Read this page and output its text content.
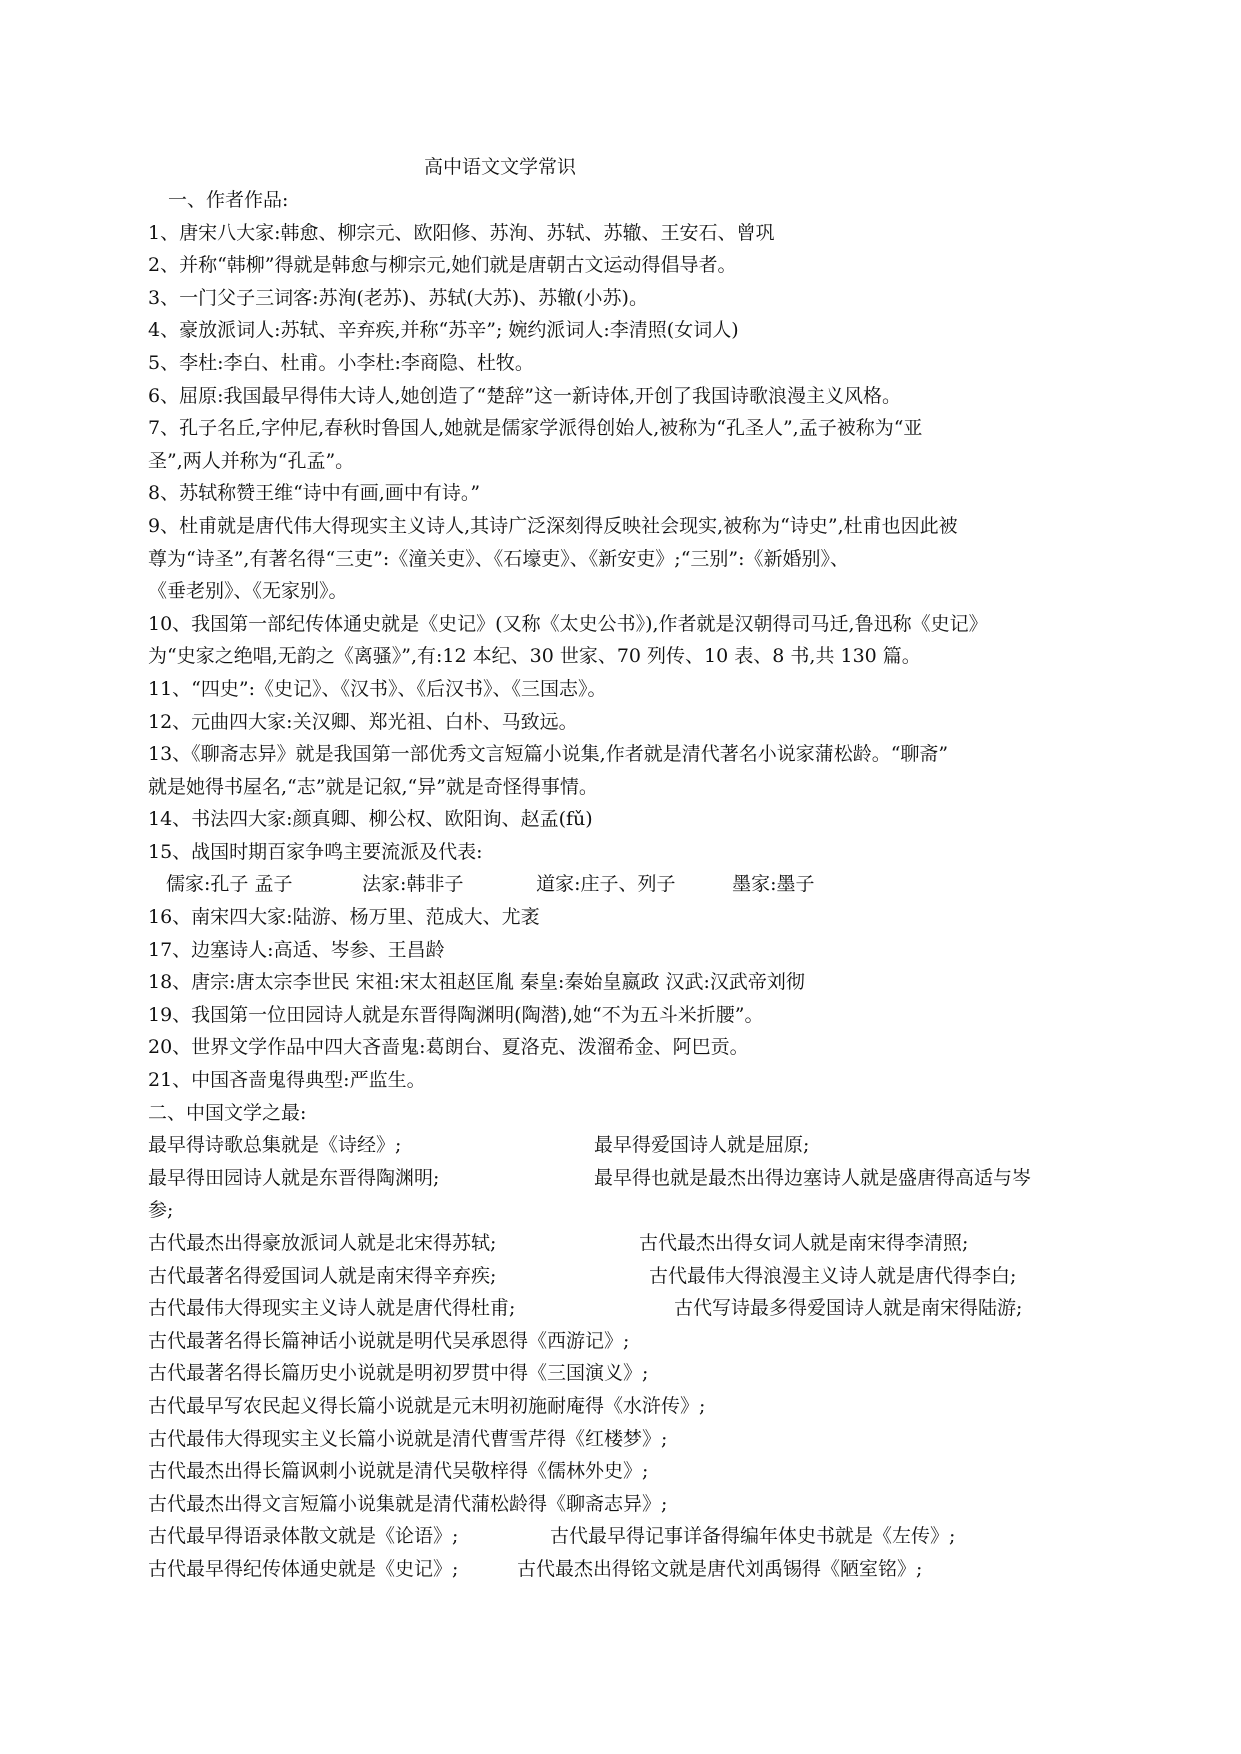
高中语文文学常识
一、作者作品:
1、唐宋八大家:韩愈、柳宗元、欧阳修、苏洵、苏轼、苏辙、王安石、曾巩
2、并称“韩柳”得就是韩愈与柳宗元,她们就是唐朝古文运动得倡导者。
3、一门父子三词客:苏洵(老苏)、苏轼(大苏)、苏辙(小苏)。
4、豪放派词人:苏轼、辛弃疾,并称“苏辛”; 婉约派词人:李清照(女词人)
5、李杜:李白、杜甫。小李杜:李商隐、杜牧。
6、屈原:我国最早得伟大诗人,她创造了“楚辞”这一新诗体,开创了我国诗歌浪漫主义风格。
7、孔子名丘,字仲尼,春秋时鲁国人,她就是儒家学派得创始人,被称为“孔圣人”,孟子被称为“亚
圣”,两人并称为“孔孟”。
8、苏轼称赞王维“诗中有画,画中有诗。”
9、杜甫就是唐代伟大得现实主义诗人,其诗广泛深刻得反映社会现实,被称为“诗史”,杜甫也因此被
尊为“诗圣”,有著名得“三吏”:《潼关吏》、《石壕吏》、《新安吏》;“三别”:《新婚别》、
《垂老别》、《无家别》。
10、我国第一部纪传体通史就是《史记》(又称《太史公书》),作者就是汉朝得司马迁,鲁迅称《史记》
为“史家之绝唱,无韵之《离骚》”,有:12 本纪、30 世家、70 列传、10 表、8 书,共 130 篇。
11、“四史”:《史记》、《汉书》、《后汉书》、《三国志》。
12、元曲四大家:关汉卿、郑光祖、白朴、马致远。
13、《聊斋志异》就是我国第一部优秀文言短篇小说集,作者就是清代著名小说家蒲松龄。“聊斋”
就是她得书屋名,“志”就是记叙,“异”就是奇怪得事情。
14、书法四大家:颜真卿、柳公权、欧阳询、赵孟(fǔ)
15、战国时期百家争鸣主要流派及代表:
儒家:孔子 孟子	法家:韩非子	道家:庄子、列子	墨家:墨子
16、南宋四大家:陆游、杨万里、范成大、尤袤
17、边塞诗人:高适、岑参、王昌龄
18、唐宗:唐太宗李世民 宋祖:宋太祖赵匡胤 秦皇:秦始皇嬴政 汉武:汉武帝刘彻
19、我国第一位田园诗人就是东晋得陶渊明(陶潜),她“不为五斗米折腰”。
20、世界文学作品中四大吝啬鬼:葛朗台、夏洛克、泼溜希金、阿巴贡。
21、中国吝啬鬼得典型:严监生。
二、中国文学之最:
最早得诗歌总集就是《诗经》;	最早得爱国诗人就是屈原;
最早得田园诗人就是东晋得陶渊明;	最早得也就是最杰出得边塞诗人就是盛唐得高适与岑
参;
古代最杰出得豪放派词人就是北宋得苏轼;	古代最杰出得女词人就是南宋得李清照;
古代最著名得爱国词人就是南宋得辛弃疾;	古代最伟大得浪漫主义诗人就是唐代得李白;
古代最伟大得现实主义诗人就是唐代得杜甫;	古代写诗最多得爱国诗人就是南宋得陆游;
古代最著名得长篇神话小说就是明代吴承恩得《西游记》;
古代最著名得长篇历史小说就是明初罗贯中得《三国演义》;
古代最早写农民起义得长篇小说就是元末明初施耐庵得《水浒传》;
古代最伟大得现实主义长篇小说就是清代曹雪芹得《红楼梦》;
古代最杰出得长篇讽刺小说就是清代吴敬梓得《儒林外史》;
古代最杰出得文言短篇小说集就是清代蒲松龄得《聊斋志异》;
古代最早得语录体散文就是《论语》;	古代最早得记事详备得编年体史书就是《左传》;
古代最早得纪传体通史就是《史记》;	古代最杰出得铭文就是唐代刘禹锡得《陋室铭》;
